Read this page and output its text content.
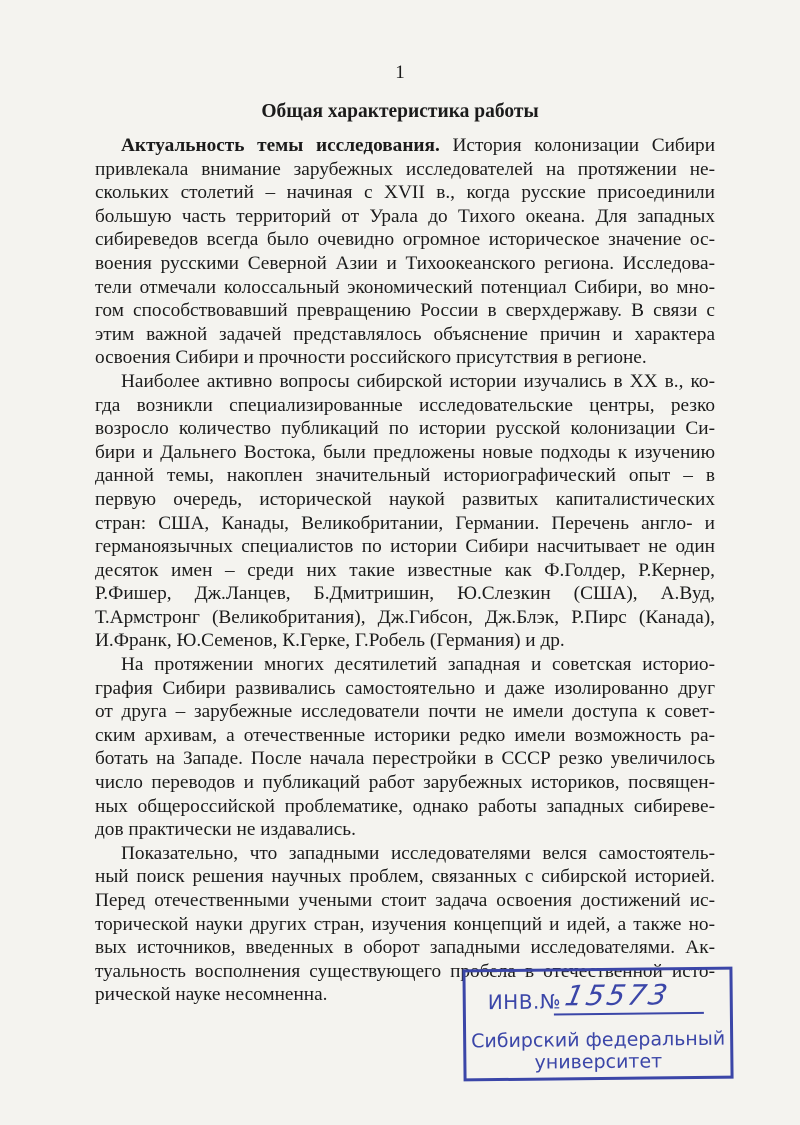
1
Общая характеристика работы
Актуальность темы исследования. История колонизации Сибири
привлекала внимание зарубежных исследователей на протяжении не-
скольких столетий – начиная с XVII в., когда русские присоединили
большую часть территорий от Урала до Тихого океана. Для западных
сибиреведов всегда было очевидно огромное историческое значение ос-
воения русскими Северной Азии и Тихоокеанского региона. Исследова-
тели отмечали колоссальный экономический потенциал Сибири, во мно-
гом способствовавший превращению России в сверхдержаву. В связи с
этим важной задачей представлялось объяснение причин и характера
освоения Сибири и прочности российского присутствия в регионе.
Наиболее активно вопросы сибирской истории изучались в XX в., ко-
гда возникли специализированные исследовательские центры, резко
возросло количество публикаций по истории русской колонизации Си-
бири и Дальнего Востока, были предложены новые подходы к изучению
данной темы, накоплен значительный историографический опыт – в
первую очередь, исторической наукой развитых капиталистических
стран: США, Канады, Великобритании, Германии. Перечень англо- и
германоязычных специалистов по истории Сибири насчитывает не один
десяток имен – среди них такие известные как Ф.Голдер, Р.Кернер,
Р.Фишер, Дж.Ланцев, Б.Дмитришин, Ю.Слезкин (США), А.Вуд,
Т.Армстронг (Великобритания), Дж.Гибсон, Дж.Блэк, Р.Пирс (Канада),
И.Франк, Ю.Семенов, К.Герке, Г.Робель (Германия) и др.
На протяжении многих десятилетий западная и советская историо-
графия Сибири развивались самостоятельно и даже изолированно друг
от друга – зарубежные исследователи почти не имели доступа к совет-
ским архивам, а отечественные историки редко имели возможность ра-
ботать на Западе. После начала перестройки в СССР резко увеличилось
число переводов и публикаций работ зарубежных историков, посвящен-
ных общероссийской проблематике, однако работы западных сибиреве-
дов практически не издавались.
Показательно, что западными исследователями велся самостоятель-
ный поиск решения научных проблем, связанных с сибирской историей.
Перед отечественными учеными стоит задача освоения достижений ис-
торической науки других стран, изучения концепций и идей, а также но-
вых источников, введенных в оборот западными исследователями. Ак-
туальность восполнения существующего пробела в отечественной исто-
рической науке несомненна.	ИНВ.№ 15573
Сибирский федеральный
университет
